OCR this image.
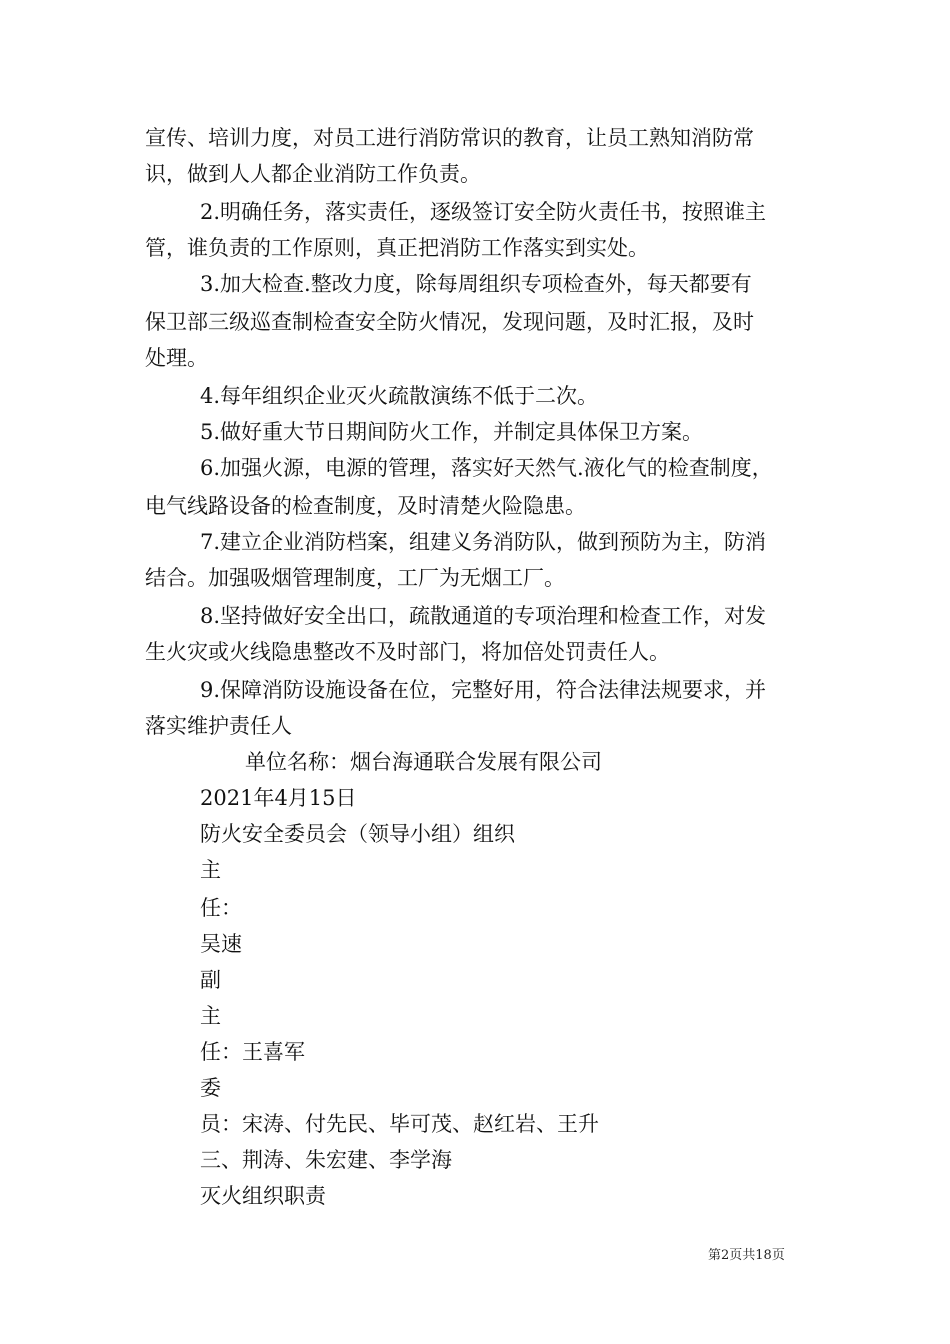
宣传、培训力度，对员工进行消防常识的教育，让员工熟知消防常
识，做到人人都企业消防工作负责。
2.明确任务，落实责任，逐级签订安全防火责任书，按照谁主
管，谁负责的工作原则，真正把消防工作落实到实处。
3.加大检查.整改力度，除每周组织专项检查外，每天都要有
保卫部三级巡查制检查安全防火情况，发现问题，及时汇报，及时
处理。
4.每年组织企业灭火疏散演练不低于二次。
5.做好重大节日期间防火工作，并制定具体保卫方案。
6.加强火源，电源的管理，落实好天然气.液化气的检查制度，
电气线路设备的检查制度，及时清楚火险隐患。
7.建立企业消防档案，组建义务消防队，做到预防为主，防消
结合。加强吸烟管理制度，工厂为无烟工厂。
8.坚持做好安全出口，疏散通道的专项治理和检查工作，对发
生火灾或火线隐患整改不及时部门，将加倍处罚责任人。
9.保障消防设施设备在位，完整好用，符合法律法规要求，并
落实维护责任人
单位名称：烟台海通联合发展有限公司
2021年4月15日
防火安全委员会（领导小组）组织
主
任：
吴速
副
主
任：王喜军
委
员：宋涛、付先民、毕可茂、赵红岩、王升
三、荆涛、朱宏建、李学海
灭火组织职责
第2页共18页
